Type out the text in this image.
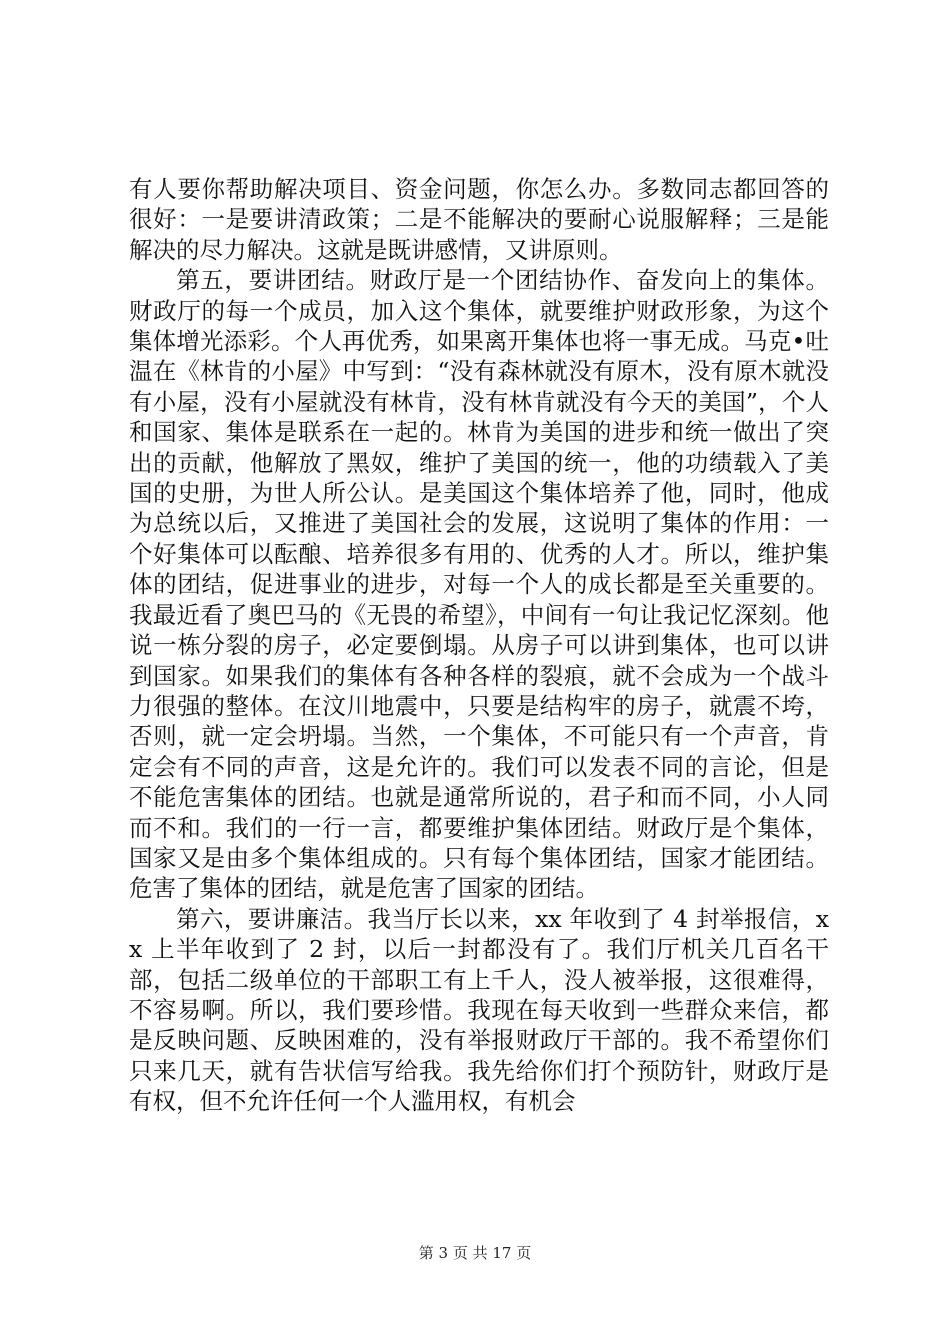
有人要你帮助解决项目、资金问题，你怎么办。多数同志都回答的很好：一是要讲清政策；二是不能解决的要耐心说服解释；三是能解决的尽力解决。这就是既讲感情，又讲原则。

第五，要讲团结。财政厅是一个团结协作、奋发向上的集体。财政厅的每一个成员，加入这个集体，就要维护财政形象，为这个集体增光添彩。个人再优秀，如果离开集体也将一事无成。马克•吐温在《林肯的小屋》中写到：“没有森林就没有原木，没有原木就没有小屋，没有小屋就没有林肯，没有林肯就没有今天的美国”，个人和国家、集体是联系在一起的。林肯为美国的进步和统一做出了突出的贡献，他解放了黑奴，维护了美国的统一，他的功绩载入了美国的史册，为世人所公认。是美国这个集体培养了他，同时，他成为总统以后，又推进了美国社会的发展，这说明了集体的作用：一个好集体可以酝酿、培养很多有用的、优秀的人才。所以，维护集体的团结，促进事业的进步，对每一个人的成长都是至关重要的。我最近看了奥巴马的《无畏的希望》，中间有一句让我记忆深刻。他说一栋分裂的房子，必定要倒塌。从房子可以讲到集体，也可以讲到国家。如果我们的集体有各种各样的裂痕，就不会成为一个战斗力很强的整体。在汶川地震中，只要是结构牢的房子，就震不垮，否则，就一定会坍塌。当然，一个集体，不可能只有一个声音，肯定会有不同的声音，这是允许的。我们可以发表不同的言论，但是不能危害集体的团结。也就是通常所说的，君子和而不同，小人同而不和。我们的一行一言，都要维护集体团结。财政厅是个集体，国家又是由多个集体组成的。只有每个集体团结，国家才能团结。危害了集体的团结，就是危害了国家的团结。

第六，要讲廉洁。我当厅长以来，xx 年收到了 4 封举报信，xx 上半年收到了 2 封，以后一封都没有了。我们厅机关几百名干部，包括二级单位的干部职工有上千人，没人被举报，这很难得，不容易啊。所以，我们要珍惜。我现在每天收到一些群众来信，都是反映问题、反映困难的，没有举报财政厅干部的。我不希望你们只来几天，就有告状信写给我。我先给你们打个预防针，财政厅是有权，但不允许任何一个人滥用权，有机会

第 3 页 共 17 页
